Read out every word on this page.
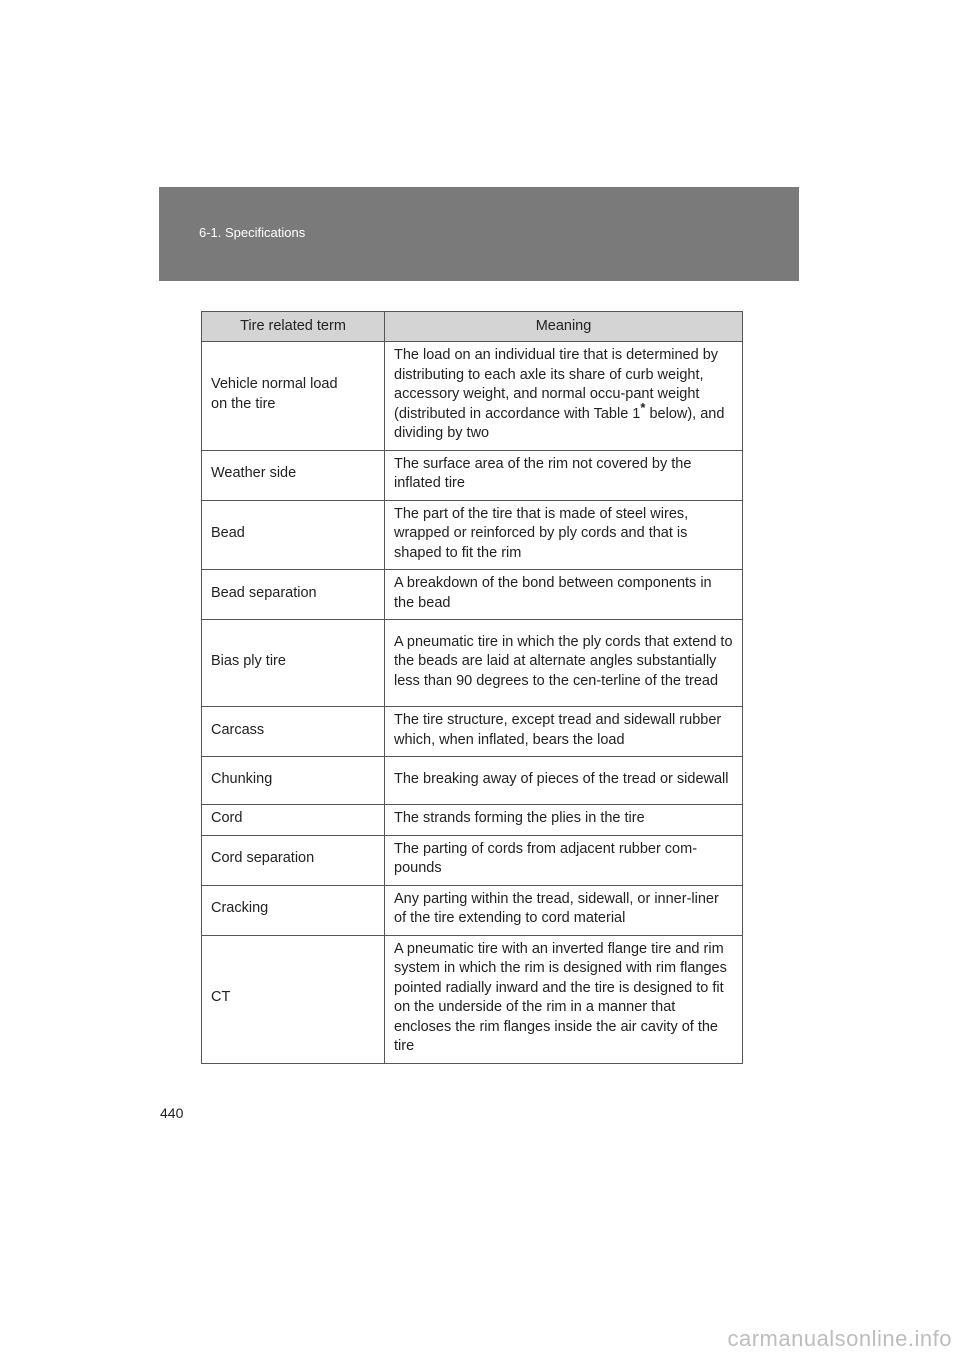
6-1. Specifications
Tire related term	Meaning
Vehicle normal load on the tire	The load on an individual tire that is determined by distributing to each axle its share of curb weight, accessory weight, and normal occu-pant weight (distributed in accordance with Table 1* below), and dividing by two
Weather side	The surface area of the rim not covered by the inflated tire
Bead	The part of the tire that is made of steel wires, wrapped or reinforced by ply cords and that is shaped to fit the rim
Bead separation	A breakdown of the bond between components in the bead
Bias ply tire	A pneumatic tire in which the ply cords that extend to the beads are laid at alternate angles substantially less than 90 degrees to the cen-terline of the tread
Carcass	The tire structure, except tread and sidewall rubber which, when inflated, bears the load
Chunking	The breaking away of pieces of the tread or sidewall
Cord	The strands forming the plies in the tire
Cord separation	The parting of cords from adjacent rubber com-pounds
Cracking	Any parting within the tread, sidewall, or inner-liner of the tire extending to cord material
CT	A pneumatic tire with an inverted flange tire and rim system in which the rim is designed with rim flanges pointed radially inward and the tire is designed to fit on the underside of the rim in a manner that encloses the rim flanges inside the air cavity of the tire
440
carmanualsonline.info
